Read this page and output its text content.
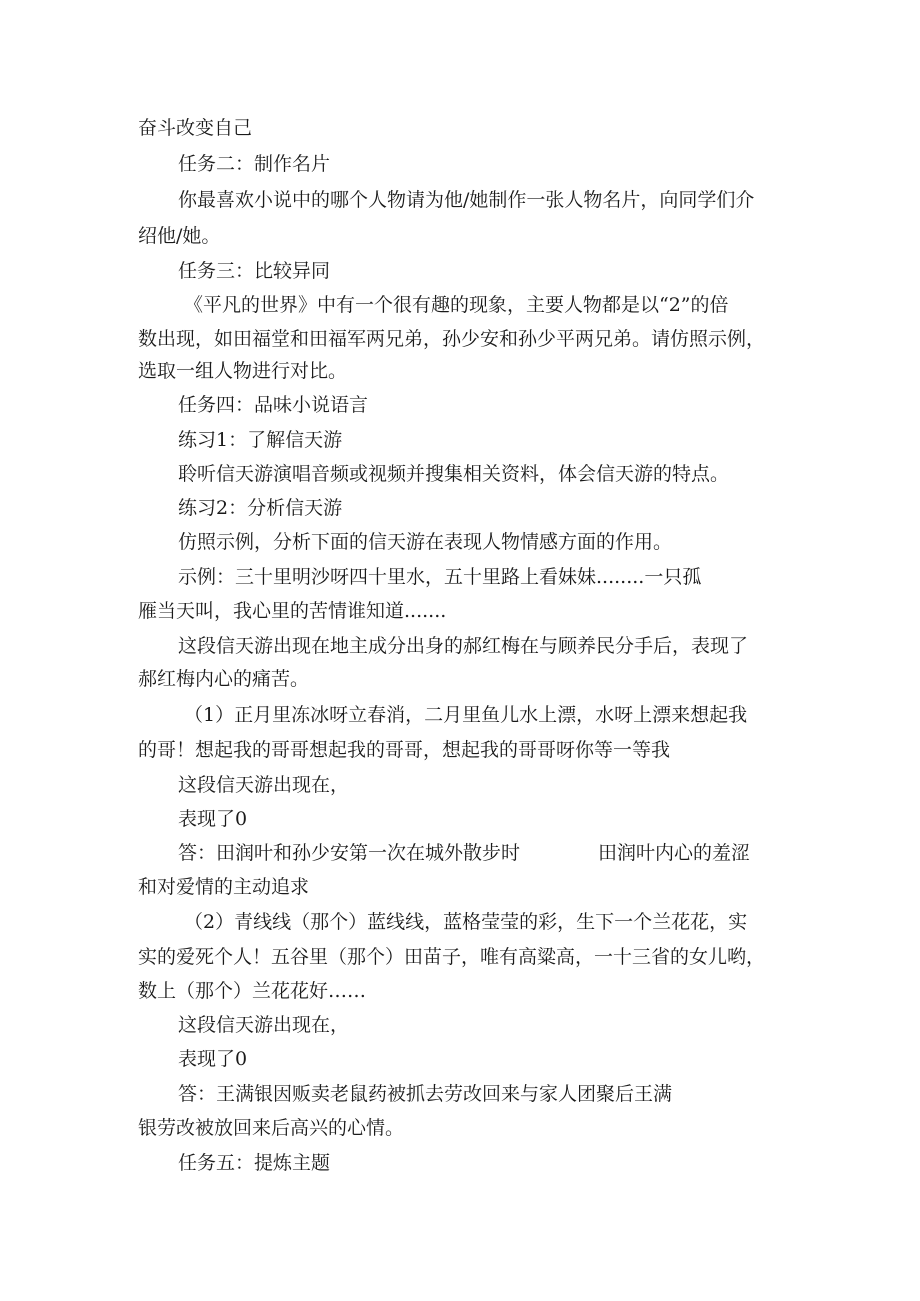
奋斗改变自己
任务二：制作名片
你最喜欢小说中的哪个人物请为他/她制作一张人物名片，向同学们介
绍他/她。
任务三：比较异同
《平凡的世界》中有一个很有趣的现象，主要人物都是以“2”的倍
数出现，如田福堂和田福军两兄弟，孙少安和孙少平两兄弟。请仿照示例，
选取一组人物进行对比。
任务四：品味小说语言
练习1：了解信天游
聆听信天游演唱音频或视频并搜集相关资料，体会信天游的特点。
练习2：分析信天游
仿照示例，分析下面的信天游在表现人物情感方面的作用。
示例：三十里明沙呀四十里水，五十里路上看妹妹........一只孤
雁当天叫，我心里的苦情谁知道.......
这段信天游出现在地主成分出身的郝红梅在与顾养民分手后，表现了
郝红梅内心的痛苦。
（1）正月里冻冰呀立春消，二月里鱼儿水上漂，水呀上漂来想起我
的哥！想起我的哥哥想起我的哥哥，想起我的哥哥呀你等一等我
这段信天游出现在，
表现了0
答：田润叶和孙少安第一次在城外散步时	田润叶内心的羞涩
和对爱情的主动追求
（2）青线线（那个）蓝线线，蓝格莹莹的彩，生下一个兰花花，实
实的爱死个人！五谷里（那个）田苗子，唯有高粱高，一十三省的女儿哟，
数上（那个）兰花花好……
这段信天游出现在，
表现了0
答：王满银因贩卖老鼠药被抓去劳改回来与家人团聚后王满
银劳改被放回来后高兴的心情。
任务五：提炼主题
